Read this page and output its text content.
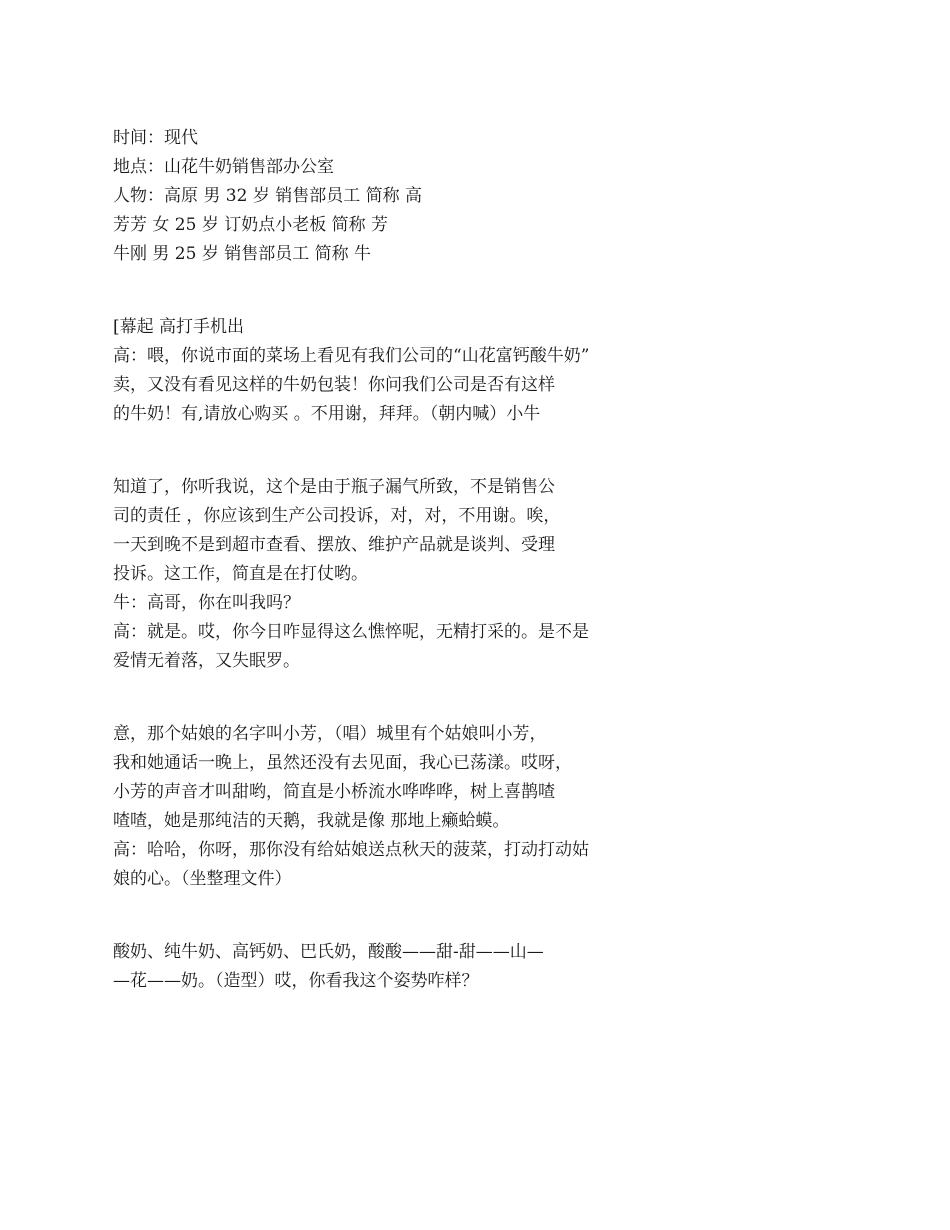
时间：现代
地点：山花牛奶销售部办公室
人物：高原 男 32 岁 销售部员工 简称 高
芳芳 女 25 岁 订奶点小老板 简称 芳
牛刚 男 25 岁 销售部员工 简称 牛
[幕起 高打手机出
高：喂，你说市面的菜场上看见有我们公司的“山花富钙酸牛奶”
卖，又没有看见这样的牛奶包装！你问我们公司是否有这样
的牛奶！有,请放心购买 。不用谢，拜拜。（朝内喊）小牛
知道了，你听我说，这个是由于瓶子漏气所致，不是销售公
司的责任 ，你应该到生产公司投诉，对，对，不用谢。唉，
一天到晚不是到超市查看、摆放、维护产品就是谈判、受理
投诉。这工作，简直是在打仗哟。
牛：高哥，你在叫我吗？
高：就是。哎，你今日咋显得这么憔悴呢，无精打采的。是不是
爱情无着落，又失眠罗。
意，那个姑娘的名字叫小芳，（唱）城里有个姑娘叫小芳，
我和她通话一晚上，虽然还没有去见面，我心已荡漾。哎呀，
小芳的声音才叫甜哟，简直是小桥流水哗哗哗，树上喜鹊喳
喳喳，她是那纯洁的天鹅，我就是像 那地上癞蛤蟆。
高：哈哈，你呀，那你没有给姑娘送点秋天的菠菜，打动打动姑
娘的心。（坐整理文件）
酸奶、纯牛奶、高钙奶、巴氏奶，酸酸——甜-甜——山—
—花——奶。（造型）哎，你看我这个姿势咋样？
